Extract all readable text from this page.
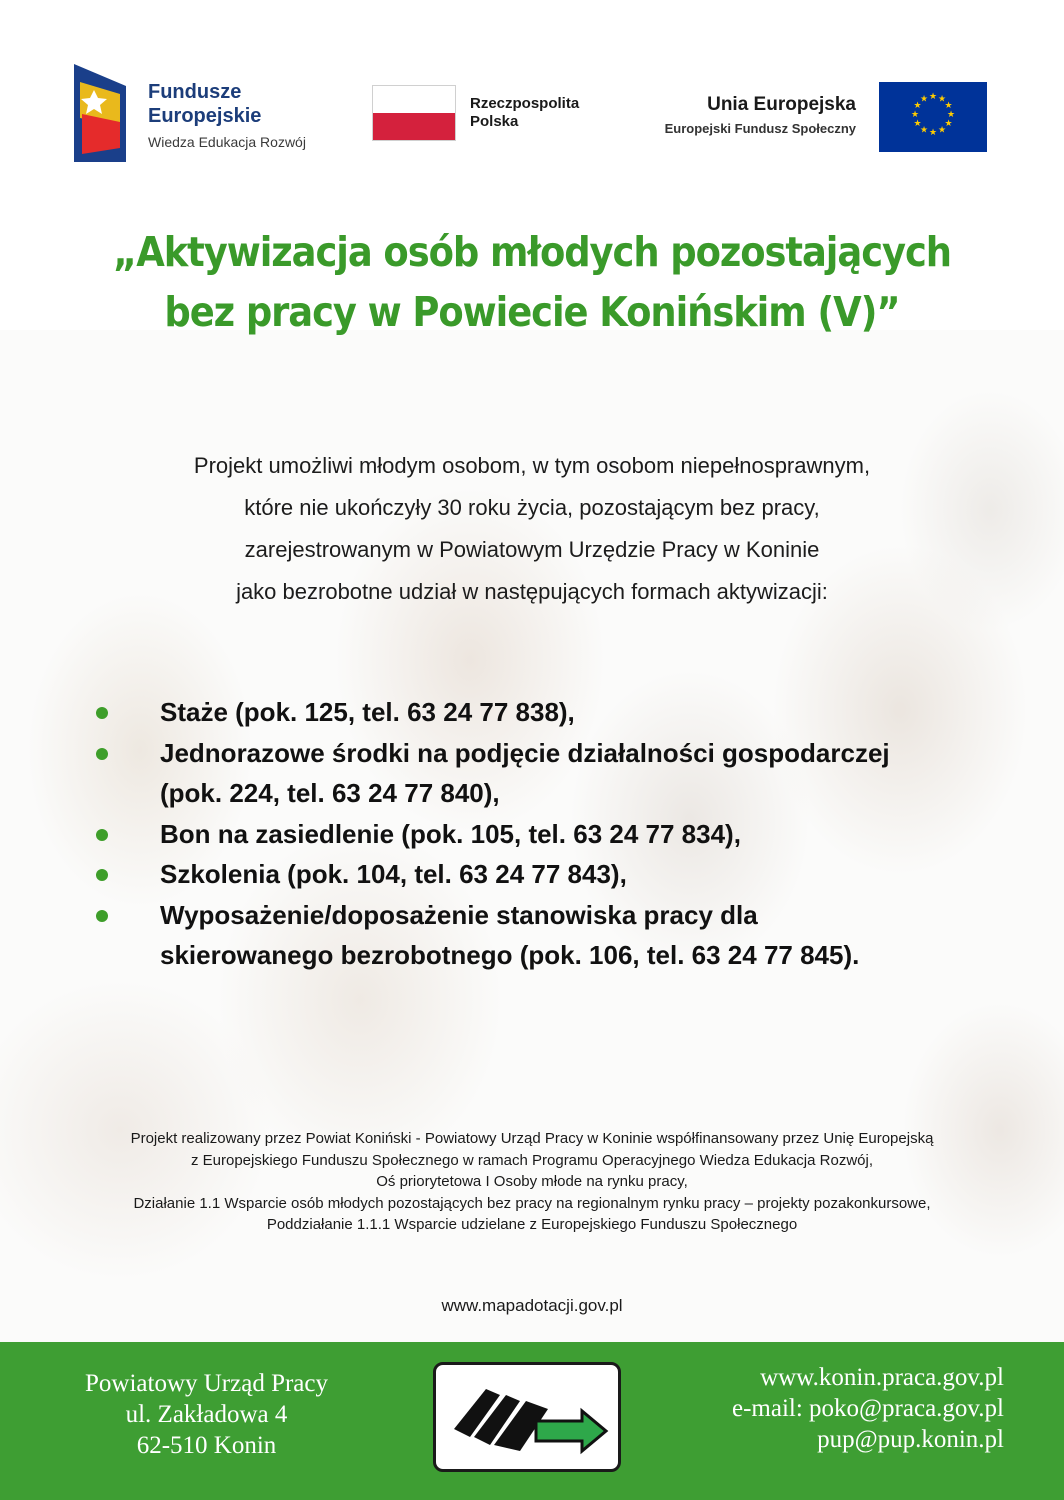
Fundusze
Europejskie
Wiedza Edukacja Rozwój
Rzeczpospolita
Polska
Unia Europejska
Europejski Fundusz Społeczny
★ ★
★
★
★
★
★
★
★
★
★
★
„Aktywizacja osób młodych pozostających
bez pracy w Powiecie Konińskim (V)”
Projekt umożliwi młodym osobom, w tym osobom niepełnosprawnym,
które nie ukończyły 30 roku życia, pozostającym bez pracy,
zarejestrowanym w Powiatowym Urzędzie Pracy w Koninie
jako bezrobotne udział w następujących formach aktywizacji:
Staże (pok. 125, tel. 63 24 77 838),
Jednorazowe środki na podjęcie działalności gospodarczej
(pok. 224, tel. 63 24 77 840),
Bon na zasiedlenie (pok. 105, tel. 63 24 77 834),
Szkolenia (pok. 104, tel. 63 24 77 843),
Wyposażenie/doposażenie stanowiska pracy dla
skierowanego bezrobotnego (pok. 106, tel. 63 24 77 845).
Projekt realizowany przez Powiat Koniński - Powiatowy Urząd Pracy w Koninie współfinansowany przez Unię Europejską
z Europejskiego Funduszu Społecznego w ramach Programu Operacyjnego Wiedza Edukacja Rozwój,
Oś priorytetowa I Osoby młode na rynku pracy,
Działanie 1.1 Wsparcie osób młodych pozostających bez pracy na regionalnym rynku pracy – projekty pozakonkursowe,
Poddziałanie 1.1.1 Wsparcie udzielane z Europejskiego Funduszu Społecznego
www.mapadotacji.gov.pl
Powiatowy Urząd Pracy
ul. Zakładowa 4
62-510 Konin
www.konin.praca.gov.pl
e-mail: poko@praca.gov.pl
pup@pup.konin.pl
